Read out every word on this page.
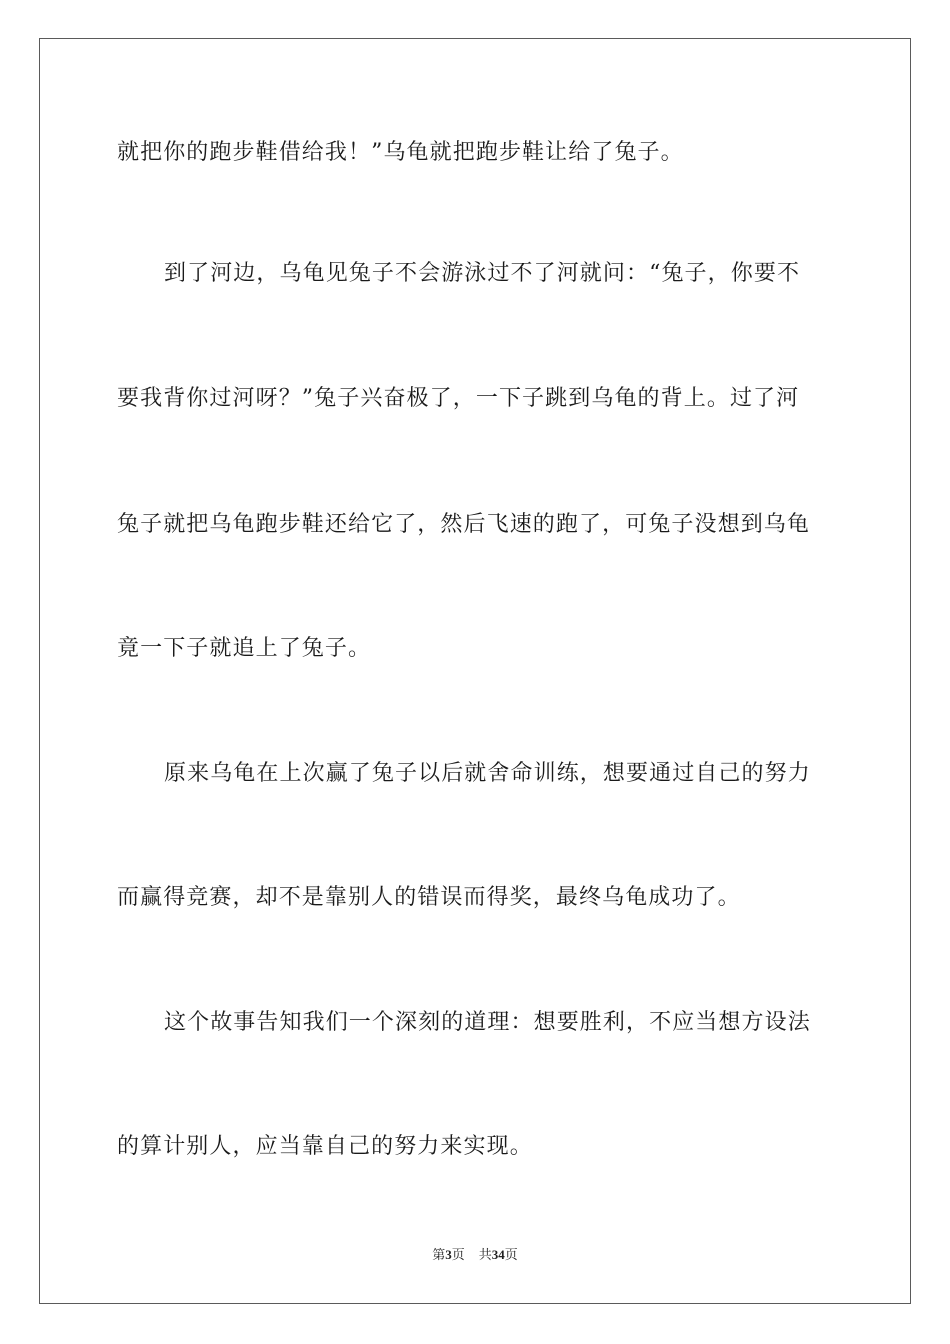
就把你的跑步鞋借给我！”乌龟就把跑步鞋让给了兔子。
到了河边，乌龟见兔子不会游泳过不了河就问：“兔子，你要不
要我背你过河呀？”兔子兴奋极了，一下子跳到乌龟的背上。过了河
兔子就把乌龟跑步鞋还给它了，然后飞速的跑了，可兔子没想到乌龟
竟一下子就追上了兔子。
原来乌龟在上次赢了兔子以后就舍命训练，想要通过自己的努力
而赢得竞赛，却不是靠别人的错误而得奖，最终乌龟成功了。
这个故事告知我们一个深刻的道理：想要胜利，不应当想方设法
的算计别人，应当靠自己的努力来实现。
第3页 共34页
